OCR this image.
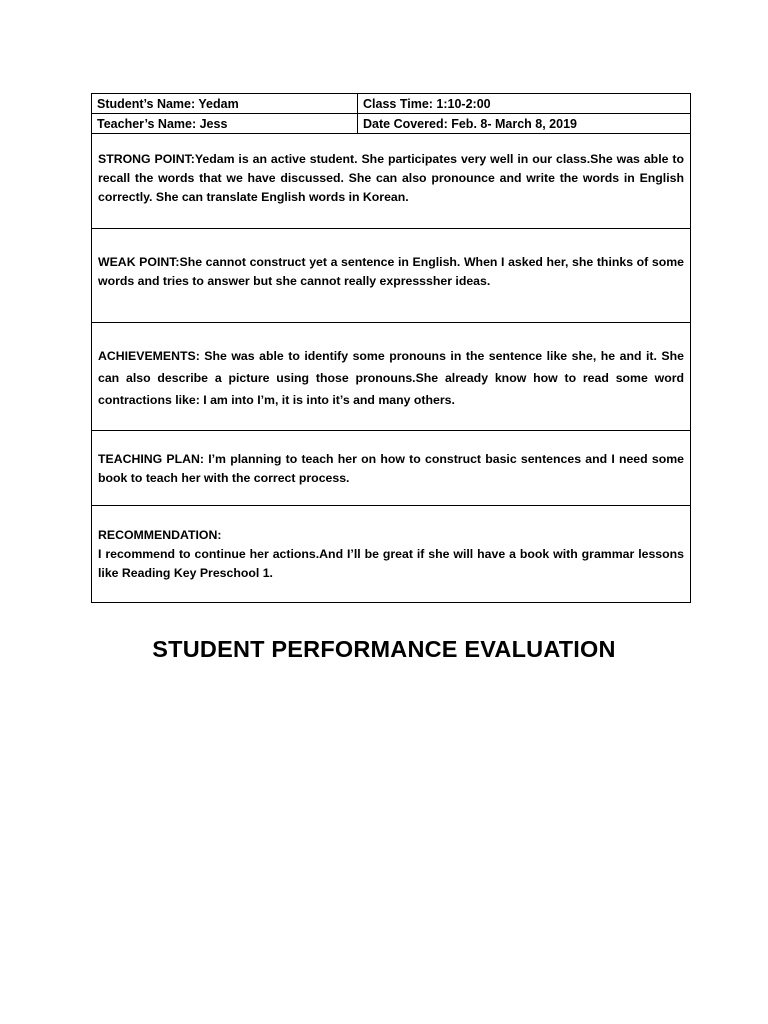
Student’s Name: Yedam	Class Time: 1:10-2:00
Teacher’s Name: Jess	Date Covered: Feb. 8- March 8, 2019

STRONG POINT:Yedam is an active student. She participates very well in our class.She was able to recall the words that we have discussed. She can also pronounce and write the words in English correctly. She can translate English words in Korean.

WEAK POINT:She cannot construct yet a sentence in English. When I asked her, she thinks of some words and tries to answer but she cannot really expresssher ideas.

ACHIEVEMENTS: She was able to identify some pronouns in the sentence like she, he and it. She can also describe a picture using those pronouns.She already know how to read some word contractions like: I am into I’m, it is into it’s and many others.

TEACHING PLAN: I’m planning to teach her on how to construct basic sentences and I need some book to teach her with the correct process.

RECOMMENDATION:

I recommend to continue her actions.And I’ll be great if she will have a book with grammar lessons like Reading Key Preschool 1.

STUDENT PERFORMANCE EVALUATION
